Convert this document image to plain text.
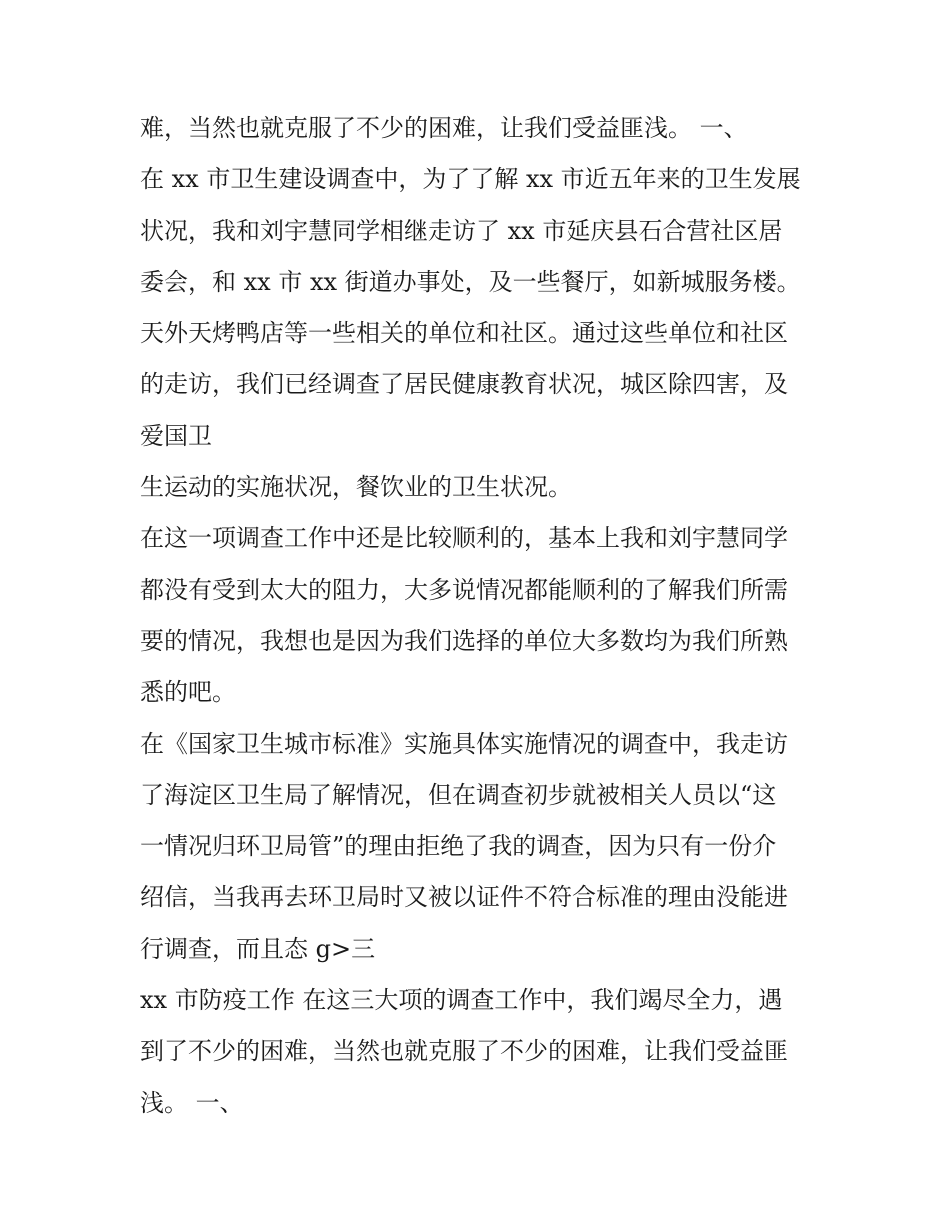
难，当然也就克服了不少的困难，让我们受益匪浅。 一、
在 xx 市卫生建设调查中，为了了解 xx 市近五年来的卫生发展
状况，我和刘宇慧同学相继走访了 xx 市延庆县石合营社区居
委会，和 xx 市 xx 街道办事处，及一些餐厅，如新城服务楼。
天外天烤鸭店等一些相关的单位和社区。通过这些单位和社区
的走访，我们已经调查了居民健康教育状况，城区除四害，及
爱国卫
生运动的实施状况，餐饮业的卫生状况。
在这一项调查工作中还是比较顺利的，基本上我和刘宇慧同学
都没有受到太大的阻力，大多说情况都能顺利的了解我们所需
要的情况，我想也是因为我们选择的单位大多数均为我们所熟
悉的吧。
在《国家卫生城市标准》实施具体实施情况的调查中，我走访
了海淀区卫生局了解情况，但在调查初步就被相关人员以“这
一情况归环卫局管”的理由拒绝了我的调查，因为只有一份介
绍信，当我再去环卫局时又被以证件不符合标准的理由没能进
行调查，而且态 g>三
xx 市防疫工作 在这三大项的调查工作中，我们竭尽全力，遇
到了不少的困难，当然也就克服了不少的困难，让我们受益匪
浅。 一、
